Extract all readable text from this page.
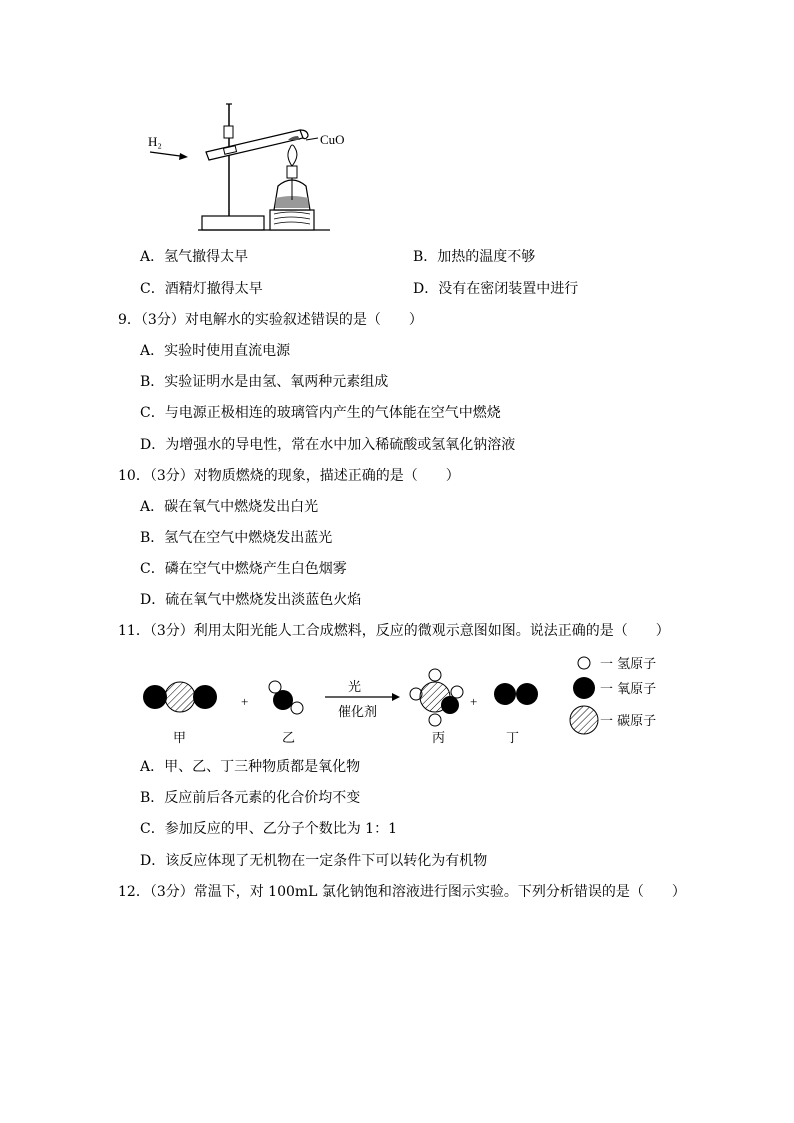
H₂	CuO
A．氢气撤得太早	B．加热的温度不够
C．酒精灯撤得太早	D．没有在密闭装置中进行
9．（3分）对电解水的实验叙述错误的是（　　）
A．实验时使用直流电源
B．实验证明水是由氢、氧两种元素组成
C．与电源正极相连的玻璃管内产生的气体能在空气中燃烧
D．为增强水的导电性，常在水中加入稀硫酸或氢氧化钠溶液
10．（3分）对物质燃烧的现象，描述正确的是（　　）
A．碳在氧气中燃烧发出白光
B．氢气在空气中燃烧发出蓝光
C．磷在空气中燃烧产生白色烟雾
D．硫在氧气中燃烧发出淡蓝色火焰
11．（3分）利用太阳光能人工合成燃料，反应的微观示意图如图。说法正确的是（　　）
+
光
催化剂
+
甲	乙	丙	丁
一 氢原子
一 氧原子
一 碳原子
A．甲、乙、丁三种物质都是氧化物
B．反应前后各元素的化合价均不变
C．参加反应的甲、乙分子个数比为 1：1
D．该反应体现了无机物在一定条件下可以转化为有机物
12．（3分）常温下，对 100mL 氯化钠饱和溶液进行图示实验。下列分析错误的是（　　）
